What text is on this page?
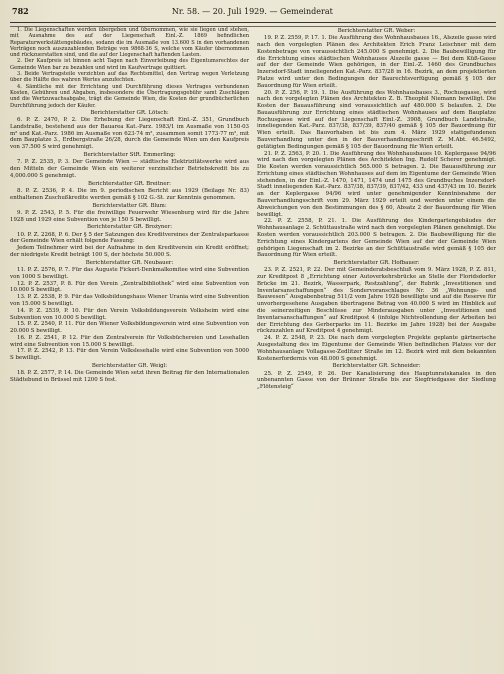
782	Nr. 58. — 20. Juli 1929. — Gemeinderat
1. Die Liegenschaften werden übergeben und übernommen, wie sie liegen und stehen, mit Ausnahme des auf der Liegenschaft Einl.-Z. 1869 befindlichen Reparaturwerkstättengebäudes, sodann die im Ausmaße von 13.600 S in den vorhandenen Verträgen noch auszuzahlenden Beträge von 9868·36 S, welche vom Käufer übernommen und rückzuerstatten sind, und die auf der Liegenschaft haftenden Lasten.
2. Der Kaufpreis ist binnen acht Tagen nach Einverleibung des Eigentumsrechtes der Gemeinde Wien bar zu bezahlen und wird im Kaufvertrage quittiert.
3. Beide Vertragsteile verzichten auf das Rechtsmittel, den Vertrag wegen Verletzung über die Hälfte des wahren Wertes anzufechten.
4. Sämtliche mit der Errichtung und Durchführung dieses Vertrages verbundenen Kosten, Gebühren und Abgaben, insbesondere die Übertragungsgebühr samt Zuschlägen und die Wertzuwachsabgabe, trägt die Gemeinde Wien, die Kosten der grundbücherlichen Durchführung jedoch der Käufer.
Berichterstatter GR. Lötsch:
6. P. Z. 2470, P. 2. Die Erhebung der Liegenschaft Einl.-Z. 351, Grundbuch Landstraße, bestehend aus der Bauarea Kat.-Parz. 1983/1 im Ausmaße von 1150·03 m² und Kat.-Parz. 1986 im Ausmaße von 623·74 m², zusammen somit 1773·77 m², mit dem Bauplatze 3., Erdbergstraße 26/28, durch die Gemeinde Wien um den Kaufpreis von 37.500 S wird genehmigt.
Berichterstatter StR. Emmerling:
7. P. Z. 2535, P. 3. Der Gemeinde Wien — städtische Elektrizitätswerke wird aus den Mitteln der Gemeinde Wien ein weiterer verzinslicher Betriebskredit bis zu 4,000.000 S genehmigt.
Berichterstatter GR. Breitner:
8. P. Z. 2536, P. 4. Die im 9. periodischen Bericht aus 1929 (Beilage Nr. 83) enthaltenen Zuschußkredite werden gemäß § 102 G.-St. zur Kenntnis genommen.
Berichterstatter GR. Blum:
9. P. Z. 2543, P. 5. Für die freiwillige Feuerwehr Wiesenburg wird für die Jahre 1928 und 1929 eine Subvention von je 150 S bewilligt.
Berichterstatter GR. Brożyner:
10. P. Z. 2268, P. 6. Der § 5 der Satzungen des Kreditvereines der Zentralsparkasse der Gemeinde Wien erhält folgende Fassung:
Jedem Teilnehmer wird bei der Aufnahme in den Kreditverein ein Kredit eröffnet; der niedrigste Kredit beträgt 100 S, der höchste 50.000 S.
Berichterstatter GR. Neubauer:
11. P. Z. 2576, P. 7. Für das Auguste Fickert-Denkmalkomitee wird eine Subvention von 1000 S bewilligt.
12. P. Z. 2537, P. 8. Für den Verein „Zentralbibliothek“ wird eine Subvention von 10.000 S bewilligt.
13. P. Z. 2538, P. 9. Für das Volksbildungshaus Wiener Urania wird eine Subvention von 15.000 S bewilligt.
14. P. Z. 2539, P. 10. Für den Verein Volksbildungsverein Volksheim wird eine Subvention von 10.000 S bewilligt.
15. P. Z. 2540, P. 11. Für den Wiener Volksbildungsverein wird eine Subvention von 20.000 S bewilligt.
16. P. Z. 2541, P. 12. Für den Zentralverein für Volksbüchereien und Lesehallen wird eine Subvention von 15.000 S bewilligt.
17. P. Z. 2542, P. 13. Für den Verein Volkslesehalle wird eine Subvention von 5000 S bewilligt.
Berichterstatter GR. Weigl:
18. P. Z. 2577, P. 14. Die Gemeinde Wien setzt ihren Beitrag für den Internationalen Städtebund in Brüssel mit 1200 S fest.
Berichterstatter GR. Weber:
19. P. Z. 2559, P. 17. 1. Die Ausführung des Wohnhausbaues 16., Alszeile gasse wird nach den vorgelegten Plänen des Architekten Erich Franz Leischner mit dem Kostenbetrage von voraussichtlich 245.000 S genehmigt. 2. Die Baubewilligung für die Errichtung eines städtischen Wohnhauses Alszeile gasse — Bei dem Küß-Gasse auf der der Gemeinde Wien gehörigen, in der Einl.-Z. 1460 des Grundbuches Inzersdorf-Stadt inneliegenden Kat.-Parz. 837/28 in 16. Bezirk, an dem projektierten Platze wird unter den Bedingungen der Baurechtsverfügung gemäß § 105 der Bauordnung für Wien erteilt.
20. P. Z. 256, P. 19. 1. Die Ausführung des Wohnhausbaues 3., Rochusgasse, wird nach den vorgelegten Plänen des Architekten Z. B. Theophil Niemann bewilligt. Die Kosten der Bauausführung sind voraussichtlich auf 480.000 S belaufen. 2. Die Bauausführung zur Errichtung eines städtischen Wohnhauses auf dem Bauplatze Rochusgasse wird auf der Liegenschaft Einl.-Z. 3908, Grundbuch Landstraße, inneliegenden Kat.-Parz. 837/38, 837/39, 837/40 gemäß § 105 der Bauordnung für Wien erteilt. Das Bauvorhaben ist bis zum 4. März 1929 stattgefundenen Bauverhandlung unter den in der Bauverhandlungsschrift Z. M.Abt. 46.5492, getätigten Bedingungen gemäß § 105 der Bauordnung für Wien erteilt.
21. P. Z. 2563, P. 20. 1. Die Ausführung des Wohnhausbaues 10. Keplergasse 94/96 wird nach den vorgelegten Plänen des Architekten Ing. Rudolf Scherer genehmigt. Die Kosten werden voraussichtlich 565.000 S betragen. 2. Die Bauausführung zur Errichtung eines städtischen Wohnhauses auf dem im Eigentume der Gemeinde Wien stehenden, in der Einl.-Z. 1470, 1471, 1474 und 1475 des Grundbuches Inzersdorf-Stadt inneliegenden Kat.-Parz. 837/38, 837/39, 837/42, 433 und 437/43 im 10. Bezirk an der Keplergasse 94/96 wird unter genehmigender Kenntnisnahme der Bauverhandlungsschrift vom 29. März 1929 erteilt und werden unter einem die Abweichungen von den Bestimmungen des § 60, Absatz 2 der Bauordnung für Wien bewilligt.
22. P. Z. 2558, P. 21. 1. Die Ausführung des Kindergartengebäudes der Wohnhausanlage 2. Schüttaustraße wird nach den vorgelegten Plänen genehmigt. Die Kosten werden voraussichtlich 203.000 S betragen. 2. Die Baubewilligung für die Errichtung eines Kindergartens der Gemeinde Wien auf der der Gemeinde Wien gehörigen Liegenschaft im 2. Bezirke an der Schüttaustraße wird gemäß § 105 der Bauordnung für Wien erteilt.
Berichterstatter GR. Hofbauer:
23. P. Z. 2521, P. 22. Der mit Gemeinderatsbeschluß vom 9. März 1928, P. Z. 811, zur Kreditpost 8 „Errichtung einer Autoverkehrsbrücke an Stelle der Floridsdorfer Brücke im 21. Bezirk, Wasserpark, Restzahlung“, der Rubrik „Investitionen und Inventarsanschaffungen“ des Sondervoranschlages Nr. 36 „Wohnungs- und Bauwesen“ Ausgabenbetrag 511/2 vom Jahre 1928 bewilligte und auf die Reserve für unvorhergesehene Ausgaben übertragene Betrag von 40.000 S wird im Hinblick auf die seinerzeitigen Beschlüsse zur Minderausgaben unter „Investitionen und Inventarsanschaffungen“ auf Kreditpost 4 (infolge Nichtvollendung der Arbeiten bei der Errichtung des Gerberparks im 11. Bezirke im Jahre 1928) bei der Ausgabe rückzuzahlen auf Kreditpost 4 genehmigt.
24. P. Z. 2548, P. 23. Die nach dem vorgelegten Projekte geplante gärtnerische Ausgestaltung des im Eigentume der Gemeinde Wien befindlichen Platzes vor der Wohnhausanlage Vollagasse-Zedlitzer Straße im 12. Bezirk wird mit dem bekannten Kostenerfordernis von 48.000 S genehmigt.
Berichterstatter GR. Schneider:
25. P. Z. 2549, P. 26. Der Kanalisierung des Hauptunratskanales in den unbenannten Gasse von der Brünner Straße bis zur Siegfriedgasse der Siedlung „Flötensteig“
